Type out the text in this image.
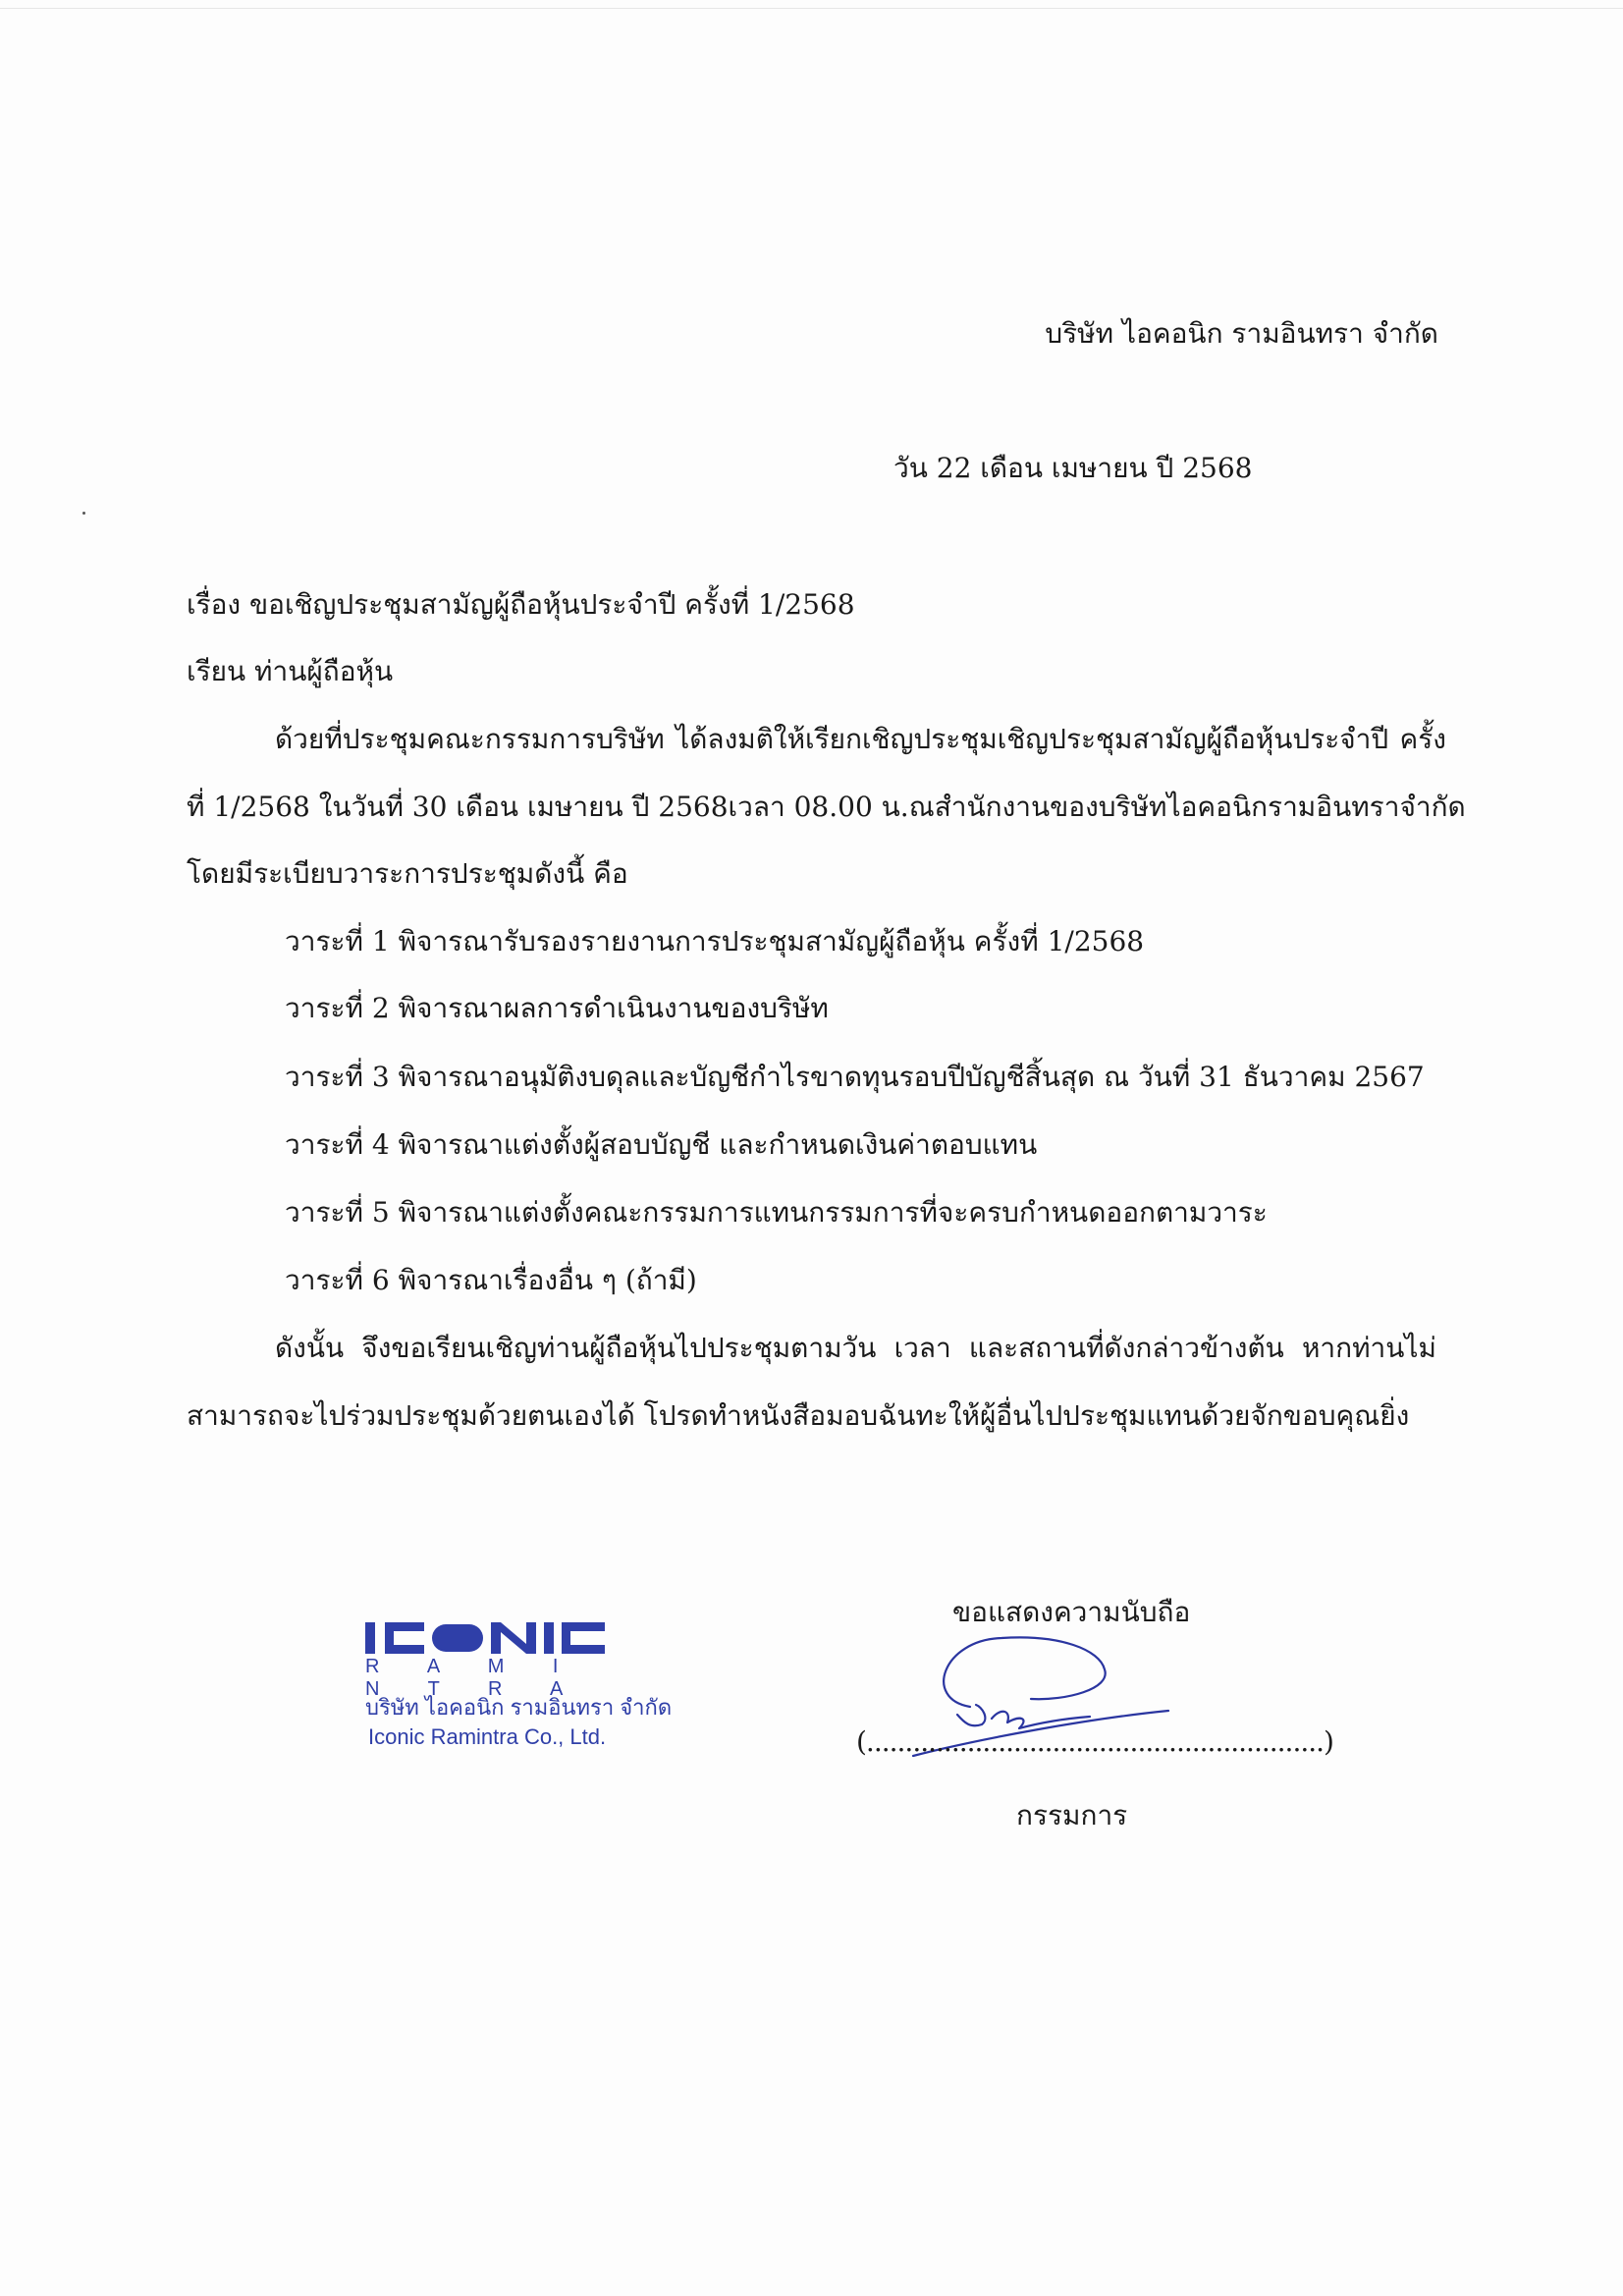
บริษัท ไอคอนิก รามอินทรา จำกัด
วัน 22 เดือน เมษายน ปี 2568
เรื่อง ขอเชิญประชุมสามัญผู้ถือหุ้นประจำปี ครั้งที่ 1/2568
เรียน ท่านผู้ถือหุ้น
ด้วยที่ประชุมคณะกรรมการบริษัท ได้ลงมติให้เรียกเชิญประชุมเชิญประชุมสามัญผู้ถือหุ้นประจำปี ครั้ง
ที่ 1/2568 ในวันที่ 30 เดือน เมษายน ปี 2568 เวลา 08.00 น. ณ สำนักงานของบริษัท ไอคอนิก รามอินทรา จำกัด
โดยมีระเบียบวาระการประชุมดังนี้ คือ
วาระที่ 1 พิจารณารับรองรายงานการประชุมสามัญผู้ถือหุ้น ครั้งที่ 1/2568
วาระที่ 2 พิจารณาผลการดำเนินงานของบริษัท
วาระที่ 3 พิจารณาอนุมัติงบดุลและบัญชีกำไรขาดทุนรอบปีบัญชีสิ้นสุด ณ วันที่ 31 ธันวาคม 2567
วาระที่ 4 พิจารณาแต่งตั้งผู้สอบบัญชี และกำหนดเงินค่าตอบแทน
วาระที่ 5 พิจารณาแต่งตั้งคณะกรรมการแทนกรรมการที่จะครบกำหนดออกตามวาระ
วาระที่ 6 พิจารณาเรื่องอื่น ๆ (ถ้ามี)
ดังนั้น จึงขอเรียนเชิญท่านผู้ถือหุ้นไปประชุมตามวัน เวลา และสถานที่ดังกล่าวข้างต้น หากท่านไม่
สามารถจะไปร่วมประชุมด้วยตนเองได้ โปรดทำหนังสือมอบฉันทะให้ผู้อื่นไปประชุมแทนด้วยจักขอบคุณยิ่ง
R A M I N T R A
บริษัท ไอคอนิก รามอินทรา จำกัด
Iconic Ramintra Co., Ltd.
ขอแสดงความนับถือ
(...........................................................)
กรรมการ
